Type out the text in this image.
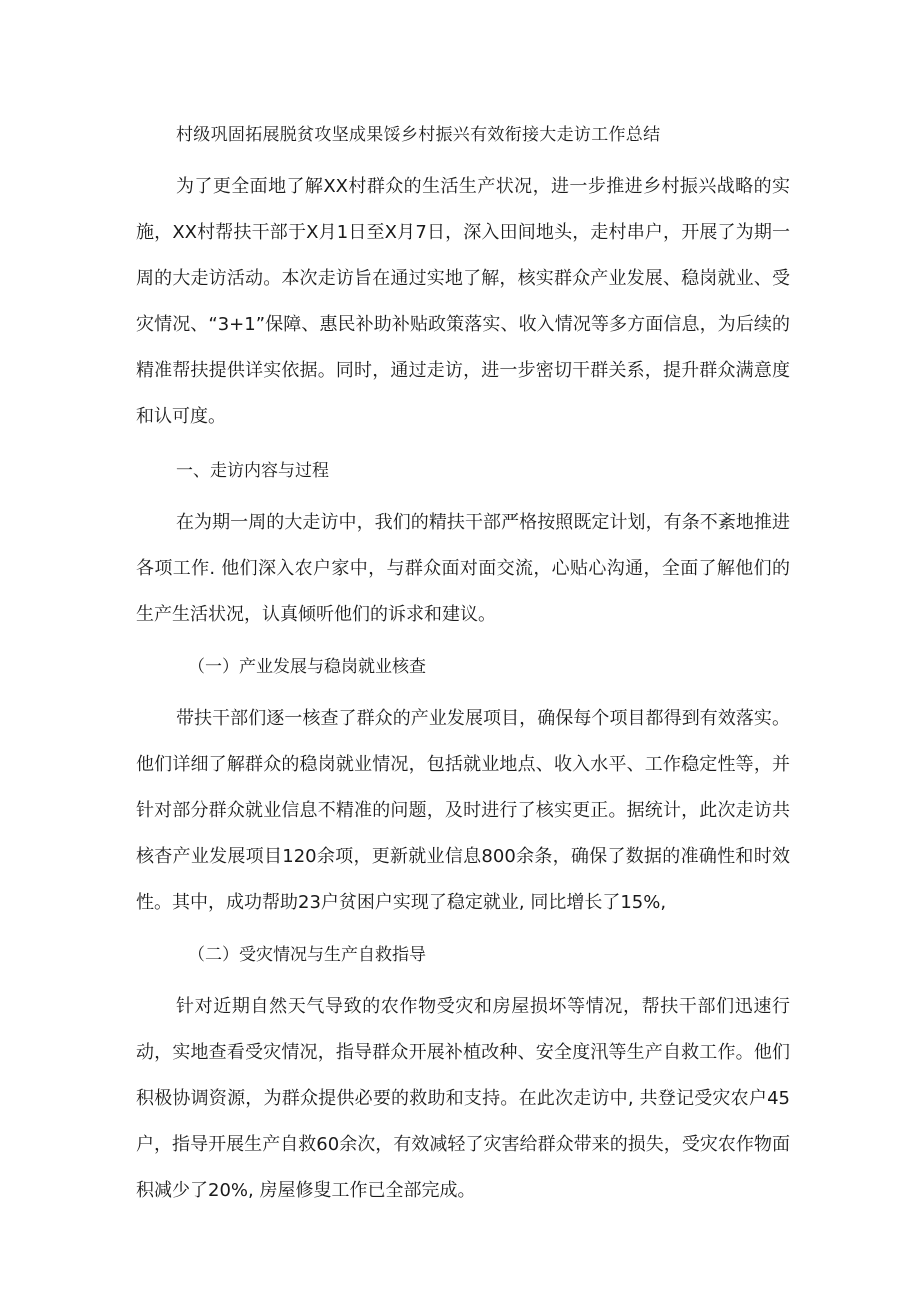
村级巩固拓展脱贫攻坚成果馁乡村振兴有效衔接大走访工作总结

为了更全面地了解XX村群众的生活生产状况，进一步推进乡村振兴战略的实施，XX村帮扶干部于X月1日至X月7日，深入田间地头，走村串户，开展了为期一周的大走访活动。本次走访旨在通过实地了解，核实群众产业发展、稳岗就业、受灾情况、“3+1”保障、惠民补助补贴政策落实、收入情况等多方面信息，为后续的精准帮扶提供详实依据。同时，通过走访，进一步密切干群关系，提升群众满意度和认可度。

一、走访内容与过程

在为期一周的大走访中，我们的精扶干部严格按照既定计划，有条不紊地推进各项工作. 他们深入农户家中，与群众面对面交流，心贴心沟通，全面了解他们的生产生活状况，认真倾听他们的诉求和建议。

（一）产业发展与稳岗就业核查

带扶干部们逐一核查了群众的产业发展项目，确保每个项目都得到有效落实。他们详细了解群众的稳岗就业情况，包括就业地点、收入水平、工作稳定性等，并针对部分群众就业信息不精准的问题，及时进行了核实更正。据统计，此次走访共核杳产业发展项目120余项，更新就业信息800余条，确保了数据的准确性和时效性。其中，成功帮助23户贫困户实现了稳定就业, 同比增长了15%,

（二）受灾情况与生产自救指导

针对近期自然天气导致的农作物受灾和房屋损坏等情况，帮扶干部们迅速行动，实地查看受灾情况，指导群众开展补植改种、安全度汛等生产自救工作。他们积极协调资源，为群众提供必要的救助和支持。在此次走访中, 共登记受灾农户45户，指导开展生产自救60余次，有效减轻了灾害给群众带来的损失，受灾农作物面积减少了20%, 房屋修叟工作已全部完成。
